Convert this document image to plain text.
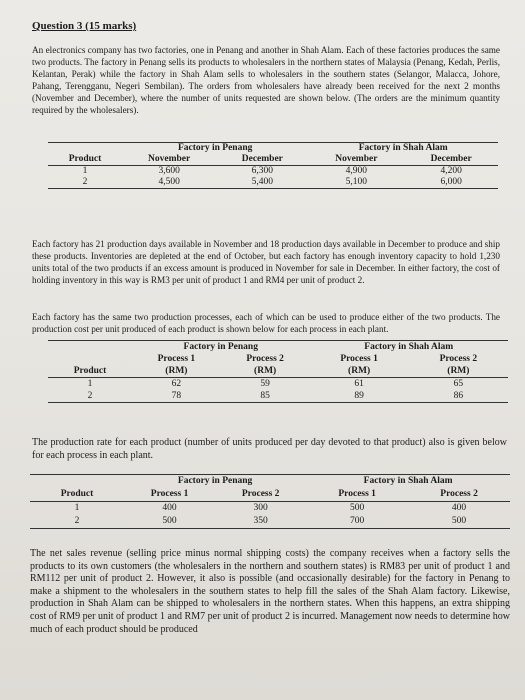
Question 3 (15 marks)

An electronics company has two factories, one in Penang and another in Shah Alam. Each of these factories produces the same two products. The factory in Penang sells its products to wholesalers in the northern states of Malaysia (Penang, Kedah, Perlis, Kelantan, Perak) while the factory in Shah Alam sells to wholesalers in the southern states (Selangor, Malacca, Johore, Pahang, Terengganu, Negeri Sembilan). The orders from wholesalers have already been received for the next 2 months (November and December), where the number of units requested are shown below. (The orders are the minimum quantity required by the wholesalers).

	Factory in Penang		Factory in Shah Alam	
Product	November	December	November	December
1	3,600	6,300	4,900	4,200
2	4,500	5,400	5,100	6,000

Each factory has 21 production days available in November and 18 production days available in December to produce and ship these products. Inventories are depleted at the end of October, but each factory has enough inventory capacity to hold 1,230 units total of the two products if an excess amount is produced in November for sale in December. In either factory, the cost of holding inventory in this way is RM3 per unit of product 1 and RM4 per unit of product 2.

Each factory has the same two production processes, each of which can be used to produce either of the two products. The production cost per unit produced of each product is shown below for each process in each plant.

	Factory in Penang		Factory in Shah Alam	
	Process 1	Process 2	Process 1	Process 2
Product	(RM)	(RM)	(RM)	(RM)
1	62	59	61	65
2	78	85	89	86

The production rate for each product (number of units produced per day devoted to that product) also is given below for each process in each plant.

	Factory in Penang		Factory in Shah Alam	
Product	Process 1	Process 2	Process 1	Process 2
1	400	300	500	400
2	500	350	700	500

The net sales revenue (selling price minus normal shipping costs) the company receives when a factory sells the products to its own customers (the wholesalers in the northern and southern states) is RM83 per unit of product 1 and RM112 per unit of product 2. However, it also is possible (and occasionally desirable) for the factory in Penang to make a shipment to the wholesalers in the southern states to help fill the sales of the Shah Alam factory. Likewise, production in Shah Alam can be shipped to wholesalers in the northern states. When this happens, an extra shipping cost of RM9 per unit of product 1 and RM7 per unit of product 2 is incurred. Management now needs to determine how much of each product should be produced
